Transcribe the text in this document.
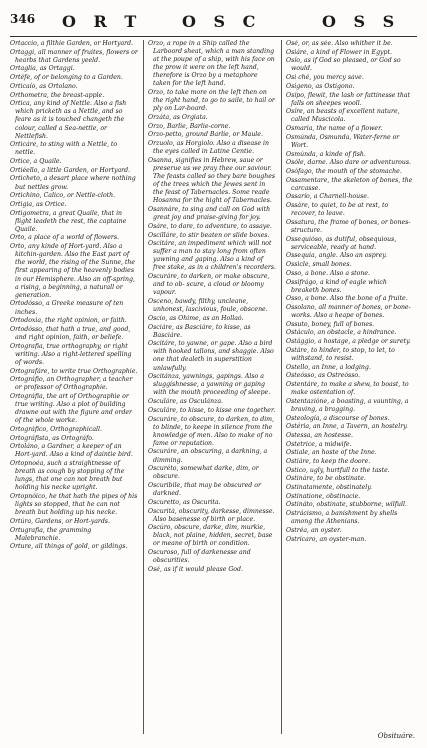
346 O R T O S C	O S S

Ortaccio, a filthie Garden, or Hortyard.

Ortaggi, all manner of fruites, flowers or hearbs that Gardens yeeld.

Ortaglia, as Ortaggi.

Ortéfe, of or belonging to a Garden.

Orticaío, as Ortolano.

Orthometra, the breast-apple.

Ortica, any kind of Nettle. Also a fish which pricketh as a Nettle, and so feare as it is touched changeth the colour, called a Sea-nettle, or Nettlefish.

Orticáre, to sting with a Nettle, to nettle.

Ortice, a Quaile.

Ortiéello, a little Garden, or Hortyard.

Orticheto, a desart place where nothing but nettles grow.

Ortichino, Calico, or Nettle-cloth.

Ortigia, as Ortice.

Ortigometra, a great Quaile, that in flight leadeth the rest, the captaine Quaile.

Orto, a place of a world of flowers.

Orto, any kinde of Hort-yard. Also a kitchin-garden. Also the East part of the world, the rising of the Sunne, the first appearing of the heavenly bodies in our Hemisphere. Also an off-spring, a rising, a beginning, a naturall or generation.

Ortodósso, a Greeke measure of ten inches.

Ortodoxia, the right opinion, or faith.

Ortodósso, that hath a true, and good, and right opinion, faith, or beliefe.

Ortografia, true orthography, or right writing. Also a right-lettered spelling of words.

Ortografáre, to write true Orthographie.

Ortográfio, an Orthographer, a teacher or professor of Orthographie.

Ortográfia, the art of Orthographie or true writing. Also a plot of building drawne out with the figure and order of the whole worke.

Ortográfico, Orthographicall.

Ortográfista, as Ortográfo.

Ortoláno, a Gardner, a keeper of an Hort-yard. Also a kind of daintie bird.

Ortopnoéa, such a straightnesse of breath as cough by stopping of the lungs, that one can not breath but holding his necke upright.

Ortopnóico, he that hath the pipes of his lights so stopped, that he can not breath but holding up his necke.

Ortúra, Gardens, or Hort-yards.

Ortugrafia, the gramming Malebranchie.

Orture, all things of gold, or gildings.

Orzo, a rope in a Ship called the Larboord sheat, which a man standing at the poupe of a ship, with his face on the prow it were on the left hand, therefore is Orzo by a metaphore taken for the left hand.

Orzo, to take more on the left then on the right hand, to go to saile, to hail or ply on Lar-board.

Orzáta, as Orgiata.

Orzo, Barlie, Barlie-corne.

Orzo-petto, ground Barlie, or Maule.

Orzuolo, as Horgiolo. Also a disease in the eyes called in Latine Centie.

Osanna, signifies in Hebrew, saue or preserue us we pray thee our saviour. The feasts called so they bare boughes of the trees which the Jewes sent in the feast of Tabernacles. Some reade Hosanna for the hight of Tabernacles.

Osannáre, to sing and call on God with great joy and praise-giving for joy.

Osáre, to dare, to adventure, to assaye.

Oscilláre, to stir beaten or slide boxes.

Oscitáre, an impediment which will not suffer a man to stay long from often yawning and gaping. Also a kind of free stake, as in a children's recorders.

Oscuráre, to darken, or make obscure, and to ob- scure, a cloud or bloomy vapour.

Osceno, bawdy, filthy, uncleane, unhonest, lascivious, foule, obscene.

Oscio, as Ohime, as an Hollaó.

Osciáre, as Basciáre, to kisse, as Basciáre.

Oscitáre, to yawne, or gape. Also a bird with hooked tallons, and shaggie. Also one that dealeth in superstition unlawfully.

Oscitánza, yawnings, gapings. Also a sluggishnesse, a yawning or gaping with the mouth proceeding of sleepe.

Osculáre, as Osculánza.

Osculáre, to kisse, to kisse one together.

Oscuráre, to obscure, to darken, to dim, to blinde, to keepe in silence from the knowledge of men. Also to make of no fame or reputation.

Oscuráre, an obscuring, a darkning, a dimming.

Oscuréto, somewhat darke, dim, or obscure.

Oscuribile, that may be obscured or darkned.

Oscuretto, as Oscurita.

Oscurità, obscurity, darkesse, dimnesse. Also basenesse of birth or place.

Oscúro, obscure, darke, dim, murkie, black, not plaine, hidden, secret, base or meane of birth or condition.

Oscuroso, full of darkenesse and obscurities.

Osé, as if it would please God.

Osé, or, as sée. Also whither it be.

Osiáre, a kind of Flower in Egypt.

Osío, as if God so pleased, or God so would.

Osi ché, you mercy save.

Osigeno, as Ostigono.

Osípo, flewit, the lash or fattinesse that falls on sheepes wooll.

Osíre, an beasts of excellent nature, called Muscicola.

Osmaria, the name of a flower.

Osmúnda, Osmunda, Water-ferne or Wort.

Osmúnda, a kinde of fish.

Osóle, darne. Also dare or adventurous.

Osófago, the mouth of the stomache.

Ossamentare, the skeleton of bones, the carcasse.

Ossarío, a Charnell-house.

Ossáre, to quiet, to be at rest, to recover, to leave.

Ossatura, the frame of bones, or bones-structure.

Ossequióso, as dutiful, obsequious, serviceable, ready at hand.

Ossequia, angle. Also an osprey.

Ossicle, small bones.

Osso, a bone. Also a stone.

Ossifrágo, a kind of eagle which breaketh bones.

Osso, a bone. Also the bone of a fruite.

Ossolano, all manner of bones, or bone-works. Also a heape of bones.

Ossuto, boney, full of bones.

Ostáculo, an obstacle, a hindrance.

Ostággio, a hostage, a pledge or surety.

Ostáre, to hinder, to stop, to let, to withstand, to resist.

Ostello, an Inne, a lodging.

Osteósso, as Ostreósso.

Ostentáre, to make a shew, to boast, to make ostentation of.

Ostentazióne, a boasting, a vaunting, a braving, a bragging.

Osteología, a discourse of bones.

Ostéria, an Inne, a Tavern, an hostelry.

Ostessa, an hostesse.

Ostetrice, a midwife.

Ostiale, an hoste of the Inne.

Ostiáre, to keep the doore.

Ostico, ugly, hurtfull to the taste.

Ostináre, to be obstinate.

Ostinatamente, obstinately.

Ostinatione, obstinacie.

Ostináto, obstinate, stubborne, wilfull.

Ostrácismo, a banishment by shells among the Athenians.

Ostréa, an oyster.

Ostricaro, an oyster-man.

Obsituáre.
